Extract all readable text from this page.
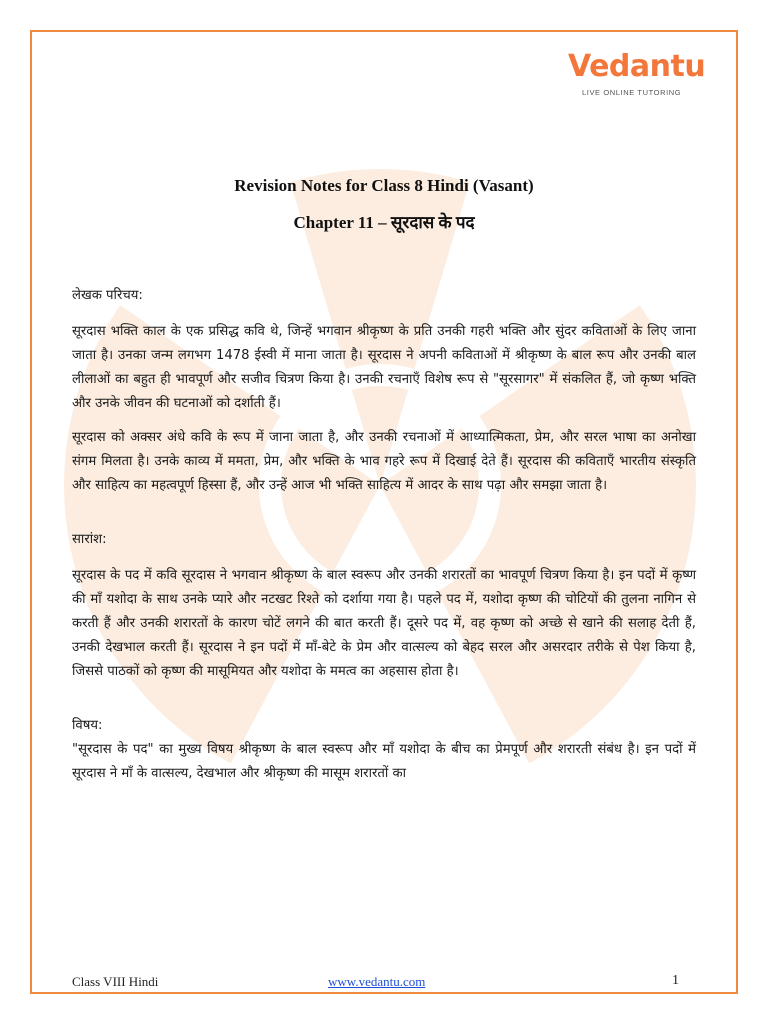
Vedantu
LIVE ONLINE TUTORING
Revision Notes for Class 8 Hindi (Vasant)
Chapter 11 – सूरदास के पद

लेखक परिचय:

सूरदास भक्ति काल के एक प्रसिद्ध कवि थे, जिन्हें भगवान श्रीकृष्ण के प्रति उनकी गहरी भक्ति और सुंदर कविताओं के लिए जाना जाता है। उनका जन्म लगभग 1478 ईस्वी में माना जाता है। सूरदास ने अपनी कविताओं में श्रीकृष्ण के बाल रूप और उनकी बाल लीलाओं का बहुत ही भावपूर्ण और सजीव चित्रण किया है। उनकी रचनाएँ विशेष रूप से "सूरसागर" में संकलित हैं, जो कृष्ण भक्ति और उनके जीवन की घटनाओं को दर्शाती हैं।

सूरदास को अक्सर अंधे कवि के रूप में जाना जाता है, और उनकी रचनाओं में आध्यात्मिकता, प्रेम, और सरल भाषा का अनोखा संगम मिलता है। उनके काव्य में ममता, प्रेम, और भक्ति के भाव गहरे रूप में दिखाई देते हैं। सूरदास की कविताएँ भारतीय संस्कृति और साहित्य का महत्वपूर्ण हिस्सा हैं, और उन्हें आज भी भक्ति साहित्य में आदर के साथ पढ़ा और समझा जाता है।

सारांश:

सूरदास के पद में कवि सूरदास ने भगवान श्रीकृष्ण के बाल स्वरूप और उनकी शरारतों का भावपूर्ण चित्रण किया है। इन पदों में कृष्ण की माँ यशोदा के साथ उनके प्यारे और नटखट रिश्ते को दर्शाया गया है। पहले पद में, यशोदा कृष्ण की चोटियों की तुलना नागिन से करती हैं और उनकी शरारतों के कारण चोटें लगने की बात करती हैं। दूसरे पद में, वह कृष्ण को अच्छे से खाने की सलाह देती हैं, उनकी देखभाल करती हैं। सूरदास ने इन पदों में माँ-बेटे के प्रेम और वात्सल्य को बेहद सरल और असरदार तरीके से पेश किया है, जिससे पाठकों को कृष्ण की मासूमियत और यशोदा के ममत्व का अहसास होता है।

विषय:

"सूरदास के पद" का मुख्य विषय श्रीकृष्ण के बाल स्वरूप और माँ यशोदा के बीच का प्रेमपूर्ण और शरारती संबंध है। इन पदों में सूरदास ने माँ के वात्सल्य, देखभाल और श्रीकृष्ण की मासूम शरारतों का

Class VIII Hindi	www.vedantu.com	1
